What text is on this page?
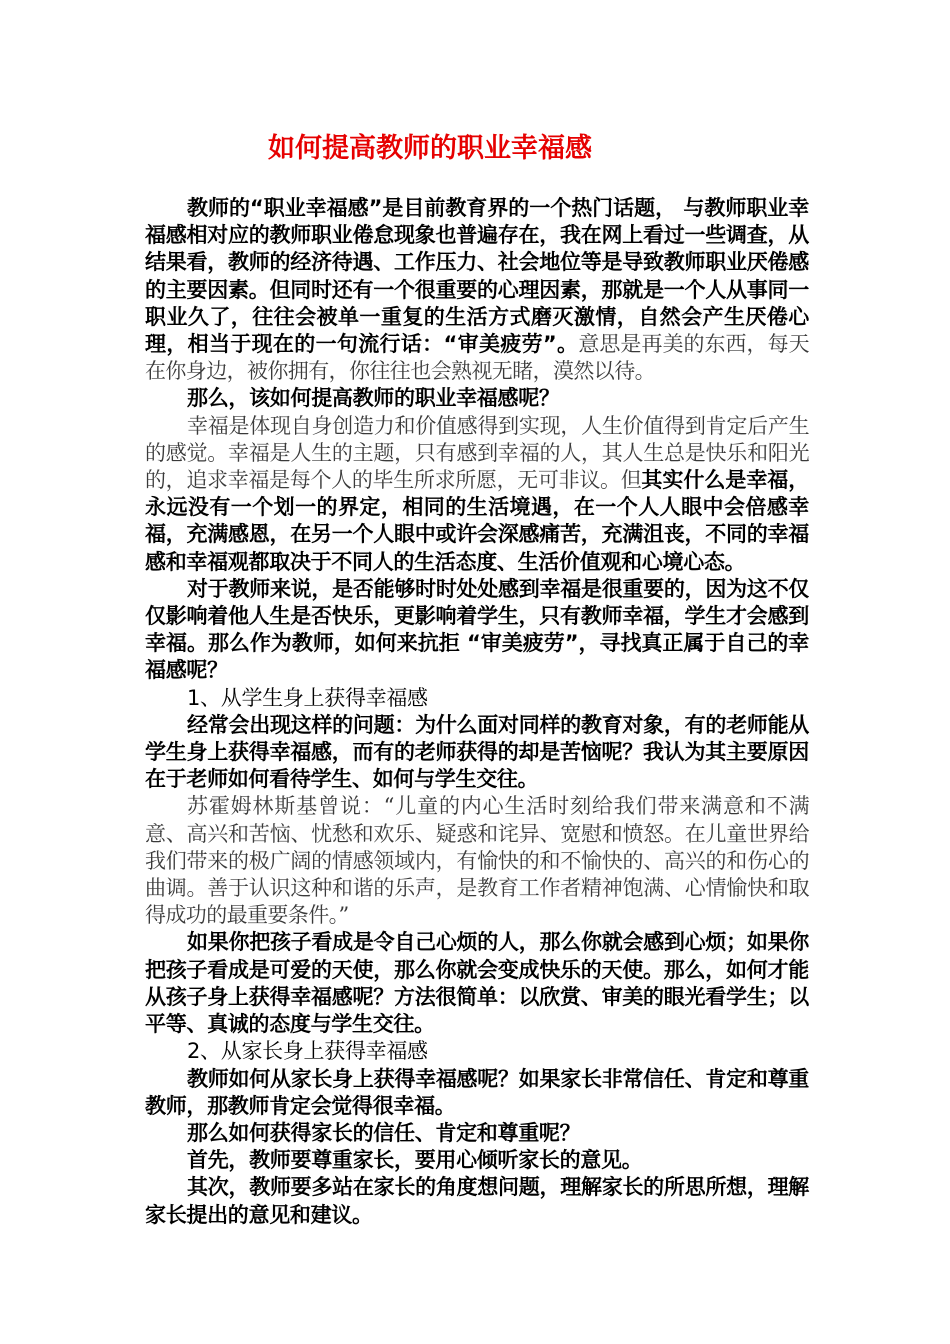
如何提高教师的职业幸福感

教师的“职业幸福感”是目前教育界的一个热门话题， 与教师职业幸福感相对应的教师职业倦怠现象也普遍存在，我在网上看过一些调查，从结果看，教师的经济待遇、工作压力、社会地位等是导致教师职业厌倦感的主要因素。但同时还有一个很重要的心理因素，那就是一个人从事同一职业久了，往往会被单一重复的生活方式磨灭激情，自然会产生厌倦心理，相当于现在的一句流行话：“审美疲劳”。意思是再美的东西，每天在你身边，被你拥有，你往往也会熟视无睹，漠然以待。

那么，该如何提高教师的职业幸福感呢？

幸福是体现自身创造力和价值感得到实现，人生价值得到肯定后产生的感觉。幸福是人生的主题，只有感到幸福的人，其人生总是快乐和阳光的，追求幸福是每个人的毕生所求所愿，无可非议。但其实什么是幸福，永远没有一个划一的界定，相同的生活境遇，在一个人人眼中会倍感幸福，充满感恩，在另一个人眼中或许会深感痛苦，充满沮丧，不同的幸福感和幸福观都取决于不同人的生活态度、生活价值观和心境心态。

对于教师来说，是否能够时时处处感到幸福是很重要的，因为这不仅仅影响着他人生是否快乐，更影响着学生，只有教师幸福，学生才会感到幸福。那么作为教师，如何来抗拒 “审美疲劳”，寻找真正属于自己的幸福感呢？

1、从学生身上获得幸福感

经常会出现这样的问题：为什么面对同样的教育对象，有的老师能从学生身上获得幸福感，而有的老师获得的却是苦恼呢？我认为其主要原因在于老师如何看待学生、如何与学生交往。

苏霍姆林斯基曾说：“儿童的内心生活时刻给我们带来满意和不满意、高兴和苦恼、忧愁和欢乐、疑惑和诧异、宽慰和愤怒。在儿童世界给我们带来的极广阔的情感领域内，有愉快的和不愉快的、高兴的和伤心的曲调。善于认识这种和谐的乐声，是教育工作者精神饱满、心情愉快和取得成功的最重要条件。”

如果你把孩子看成是令自己心烦的人，那么你就会感到心烦；如果你把孩子看成是可爱的天使，那么你就会变成快乐的天使。那么，如何才能从孩子身上获得幸福感呢？方法很简单：以欣赏、审美的眼光看学生；以平等、真诚的态度与学生交往。

2、从家长身上获得幸福感

教师如何从家长身上获得幸福感呢？如果家长非常信任、肯定和尊重教师，那教师肯定会觉得很幸福。

那么如何获得家长的信任、肯定和尊重呢？

首先，教师要尊重家长，要用心倾听家长的意见。

其次，教师要多站在家长的角度想问题，理解家长的所思所想，理解家长提出的意见和建议。
